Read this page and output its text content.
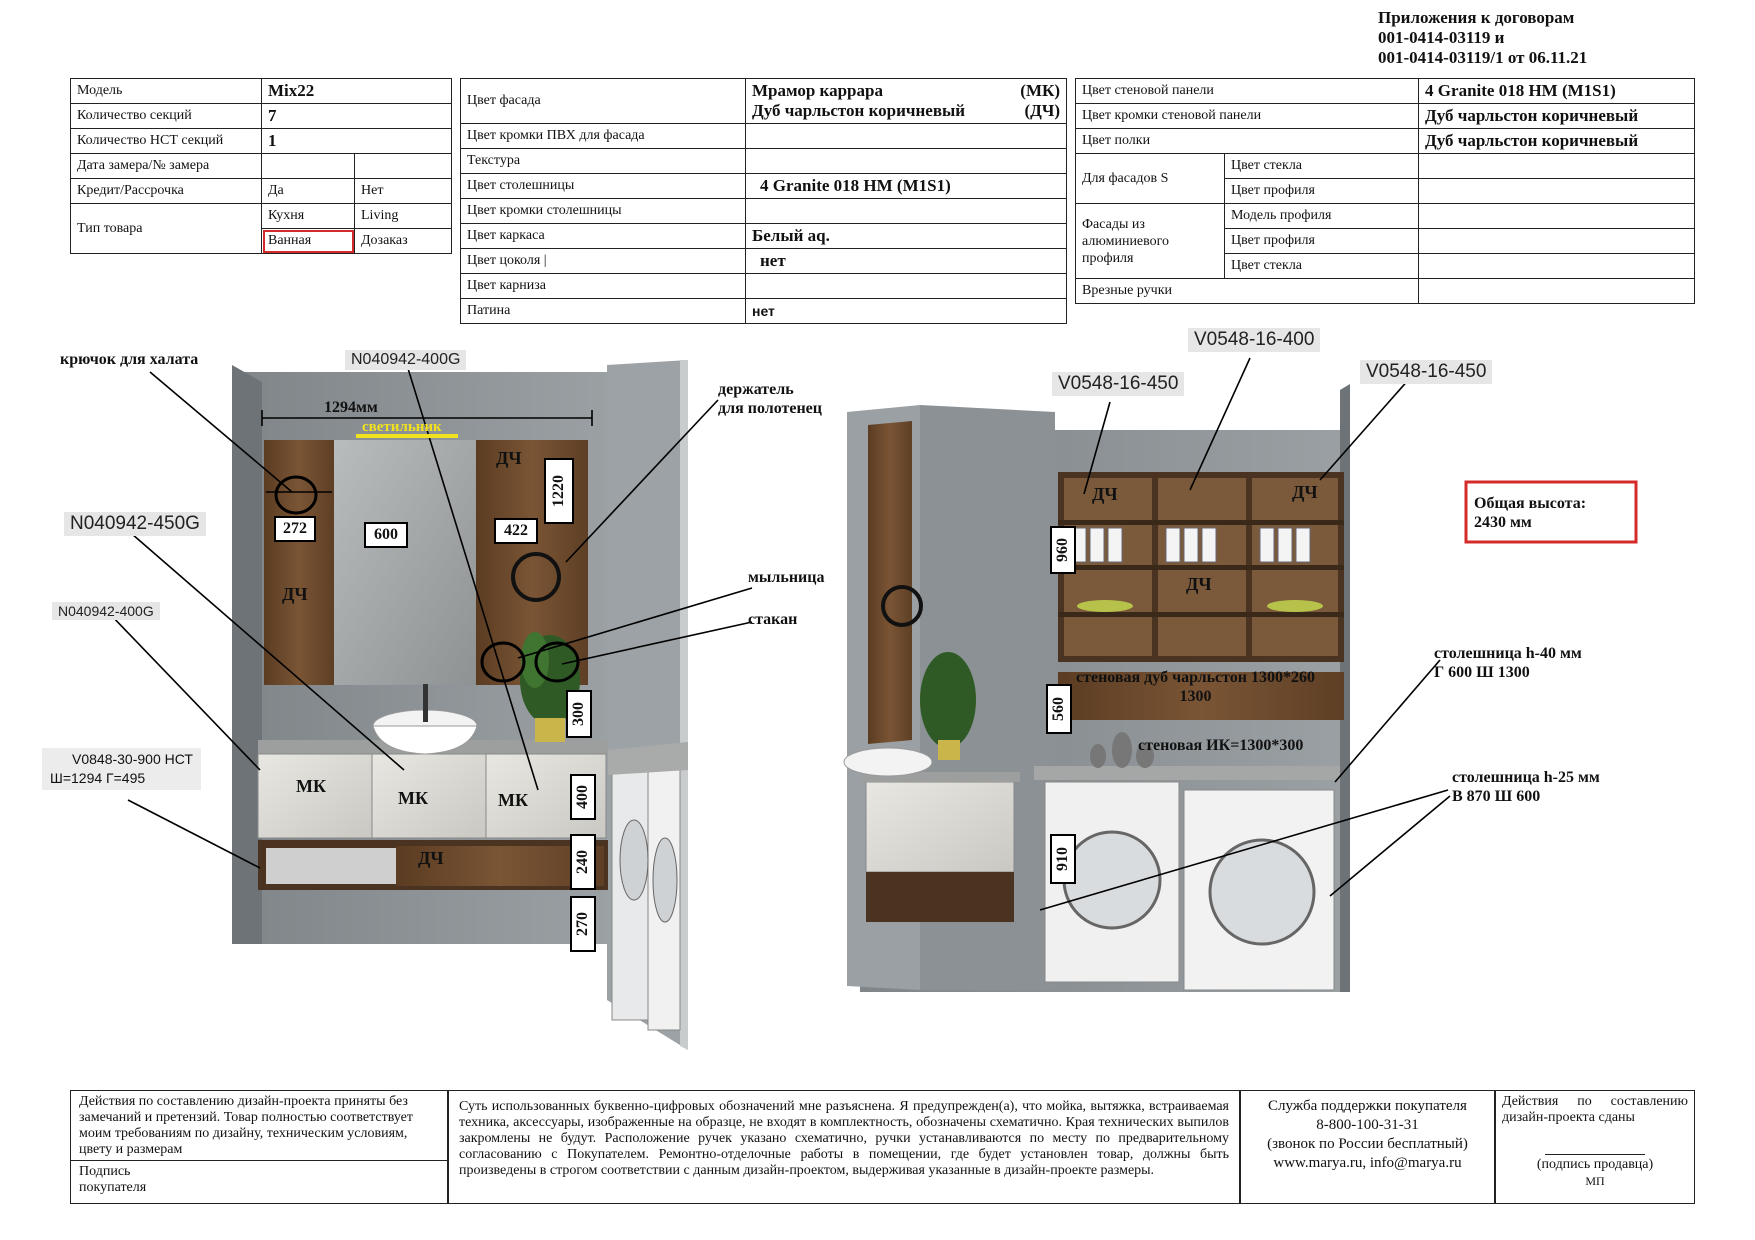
Приложения к договорам
001-0414-03119 и
001-0414-03119/1 от 06.11.21
Модель	Mix22	
Количество секций	7	
Количество НСТ секций	1	
Дата замера/№ замера		
Кредит/Рассрочка	Да	Нет
Тип товара	Кухня	Living
	Ванная	Дозаказ
Цвет фасада	Мрамор каррара (МК)
Дуб чарльстон коричневый (ДЧ)

Цвет кромки ПВХ для фасада	
Текстура	
Цвет столешницы	4 Granite 018 HM (M1S1)
Цвет кромки столешницы	
Цвет каркаса	Белый aq.
Цвет цоколя |	нет
Цвет карниза	
Патина	нет
Цвет стеновой панели		4 Granite 018 HM (M1S1)
Цвет кромки стеновой панели		Дуб чарльстон коричневый
Цвет полки		Дуб чарльстон коричневый
Для фасадов S	Цвет стекла	
	Цвет профиля	
Фасады из алюминиевого профиля	Модель профиля	
	Цвет профиля	
	Цвет стекла	
Врезные ручки		
N040942-400G
N040942-450G
N040942-400G
V0848-30-900 НСТ
Ш=1294 Г=495
V0548-16-400
V0548-16-450
V0548-16-450
крючок для халата
держатель
для полотенец
мыльница
стакан
столешница h-40 мм
Г 600 Ш 1300
столешница h-25 мм
В 870 Ш 600
стеновая дуб чарльстон 1300*260
1300
стеновая ИК=1300*300
1294мм
светильник
272	600	422
1220
300
400
240
270
960
560
910
ДЧ
ДЧ
МК
МК	МК
ДЧ
ДЧ
ДЧ
ДЧ
Общая высота:
2430 мм
Действия по составлению дизайн-проекта приняты без замечаний и претензий. Товар полностью соответствует моим требованиям по дизайну, техническим условиям, цвету и размерам
Подпись
покупателя
Суть использованных буквенно-цифровых обозначений мне разъяснена. Я предупрежден(а), что мойка, вытяжка, встраиваемая техника, аксессуары, изображенные на образце, не входят в комплектность, обозначены схематично. Края технических выпилов закромлены не будут. Расположение ручек указано схематично, ручки устанавливаются по месту по предварительному согласованию с Покупателем. Ремонтно-отделочные работы в помещении, где будет установлен товар, должны быть произведены в строгом соответствии с данным дизайн-проектом, выдерживая указанные в дизайн-проекте размеры.
Служба поддержки покупателя
8-800-100-31-31
(звонок по России бесплатный)
www.marya.ru, info@marya.ru
Действия по составлению дизайн-проекта сданы
(подпись продавца)
МП
